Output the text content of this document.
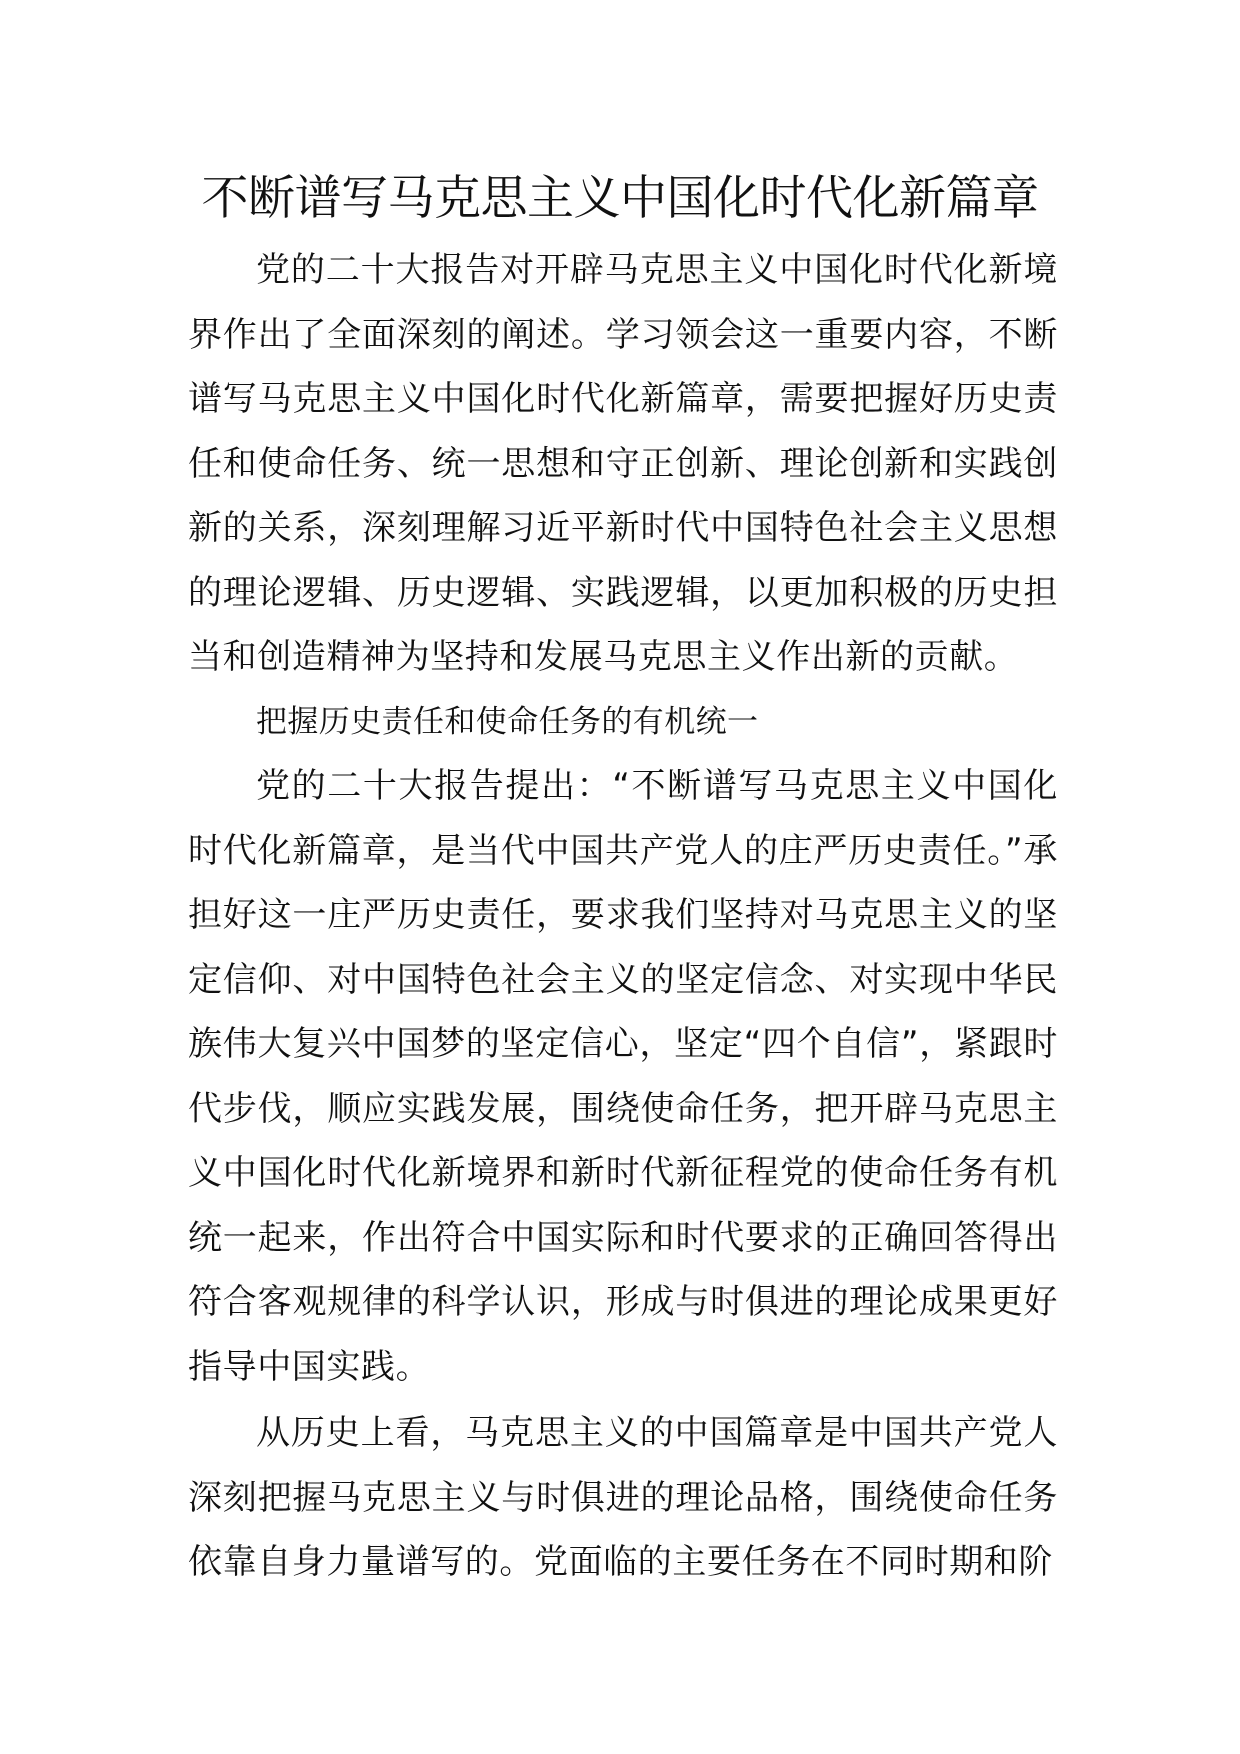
不断谱写马克思主义中国化时代化新篇章

党的二十大报告对开辟马克思主义中国化时代化新境界作出了全面深刻的阐述。学习领会这一重要内容，不断谱写马克思主义中国化时代化新篇章，需要把握好历史责任和使命任务、统一思想和守正创新、理论创新和实践创新的关系，深刻理解习近平新时代中国特色社会主义思想的理论逻辑、历史逻辑、实践逻辑，以更加积极的历史担当和创造精神为坚持和发展马克思主义作出新的贡献。

把握历史责任和使命任务的有机统一

党的二十大报告提出：“不断谱写马克思主义中国化时代化新篇章，是当代中国共产党人的庄严历史责任。”承担好这一庄严历史责任，要求我们坚持对马克思主义的坚定信仰、对中国特色社会主义的坚定信念、对实现中华民族伟大复兴中国梦的坚定信心，坚定“四个自信”，紧跟时代步伐，顺应实践发展，围绕使命任务，把开辟马克思主义中国化时代化新境界和新时代新征程党的使命任务有机统一起来，作出符合中国实际和时代要求的正确回答得出符合客观规律的科学认识，形成与时俱进的理论成果更好指导中国实践。

从历史上看，马克思主义的中国篇章是中国共产党人深刻把握马克思主义与时俱进的理论品格，围绕使命任务依靠自身力量谱写的。党面临的主要任务在不同时期和阶
